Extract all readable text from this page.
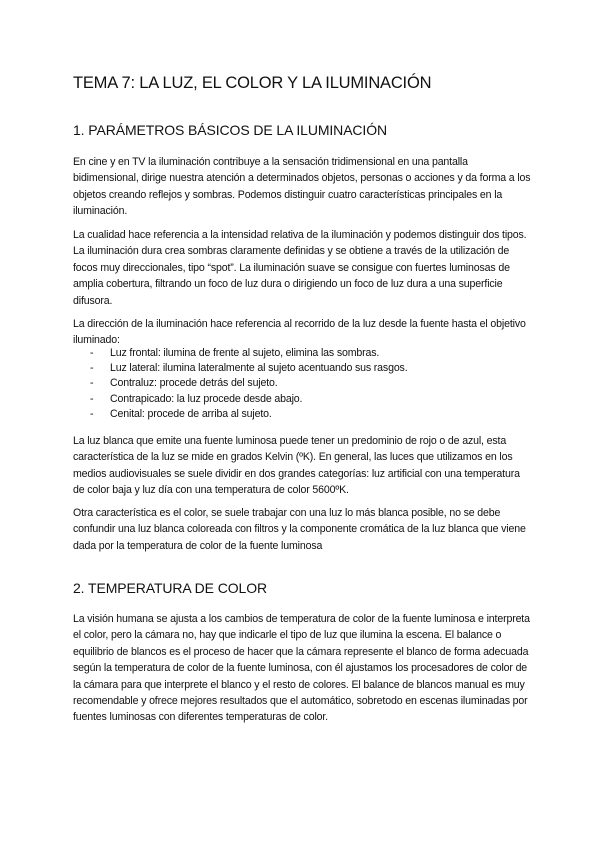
TEMA 7: LA LUZ, EL COLOR Y LA ILUMINACIÓN
1. PARÁMETROS BÁSICOS DE LA ILUMINACIÓN

En cine y en TV la iluminación contribuye a la sensación tridimensional en una pantalla bidimensional, dirige nuestra atención a determinados objetos, personas o acciones y da forma a los objetos creando reflejos y sombras. Podemos distinguir cuatro características principales en la iluminación.

La cualidad hace referencia a la intensidad relativa de la iluminación y podemos distinguir dos tipos. La iluminación dura crea sombras claramente definidas y se obtiene a través de la utilización de focos muy direccionales, tipo “spot”. La iluminación suave se consigue con fuertes luminosas de amplia cobertura, filtrando un foco de luz dura o dirigiendo un foco de luz dura a una superficie difusora.

La dirección de la iluminación hace referencia al recorrido de la luz desde la fuente hasta el objetivo iluminado:

- Luz frontal: ilumina de frente al sujeto, elimina las sombras.
- Luz lateral: ilumina lateralmente al sujeto acentuando sus rasgos.
- Contraluz: procede detrás del sujeto.
- Contrapicado: la luz procede desde abajo.
- Cenital: procede de arriba al sujeto.

La luz blanca que emite una fuente luminosa puede tener un predominio de rojo o de azul, esta característica de la luz se mide en grados Kelvin (ºK). En general, las luces que utilizamos en los medios audiovisuales se suele dividir en dos grandes categorías: luz artificial con una temperatura de color baja y luz día con una temperatura de color 5600ºK.

Otra característica es el color, se suele trabajar con una luz lo más blanca posible, no se debe confundir una luz blanca coloreada con filtros y la componente cromática de la luz blanca que viene dada por la temperatura de color de la fuente luminosa

2. TEMPERATURA DE COLOR

La visión humana se ajusta a los cambios de temperatura de color de la fuente luminosa e interpreta el color, pero la cámara no, hay que indicarle el tipo de luz que ilumina la escena. El balance o equilibrio de blancos es el proceso de hacer que la cámara represente el blanco de forma adecuada según la temperatura de color de la fuente luminosa, con él ajustamos los procesadores de color de la cámara para que interprete el blanco y el resto de colores. El balance de blancos manual es muy recomendable y ofrece mejores resultados que el automático, sobretodo en escenas iluminadas por fuentes luminosas con diferentes temperaturas de color.
